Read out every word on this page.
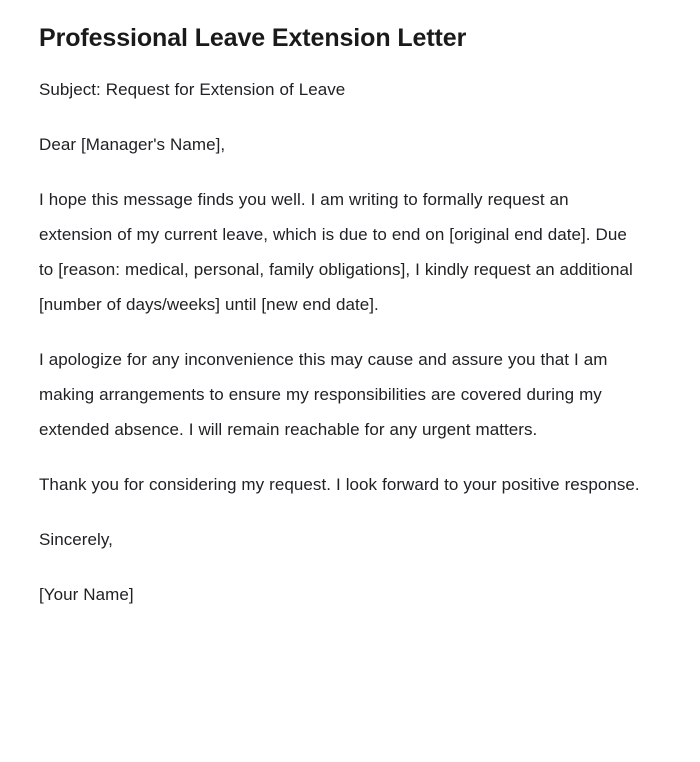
Professional Leave Extension Letter

Subject: Request for Extension of Leave

Dear [Manager's Name],

I hope this message finds you well. I am writing to formally request an extension of my current leave, which is due to end on [original end date]. Due to [reason: medical, personal, family obligations], I kindly request an additional [number of days/weeks] until [new end date].

I apologize for any inconvenience this may cause and assure you that I am making arrangements to ensure my responsibilities are covered during my extended absence. I will remain reachable for any urgent matters.

Thank you for considering my request. I look forward to your positive response.

Sincerely,

[Your Name]
